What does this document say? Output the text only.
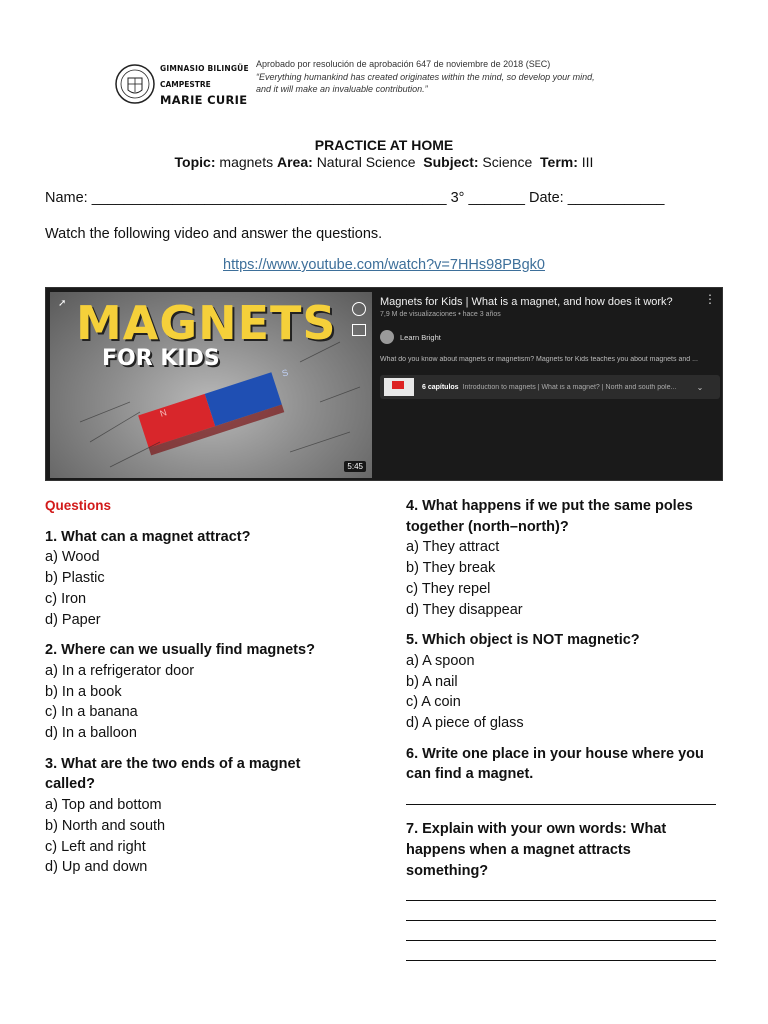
GIMNASIO BILINGÜE
CAMPESTRE
MARIE CURIE
Aprobado por resolución de aprobación 647 de noviembre de 2018 (SEC)
“Everything humankind has created originates within the mind, so develop your mind,
and it will make an invaluable contribution.”
PRACTICE AT HOME
Topic: magnets Area: Natural Science Subject: Science Term: III
Name: ____________________________________________ 3° _______ Date: ____________
Watch the following video and answer the questions.
https://www.youtube.com/watch?v=7HHs98PBgk0
MAGNETS
FOR KIDS
N
S
➚
5:45
Magnets for Kids | What is a magnet, and how does it work?
7,9 M de visualizaciones • hace 3 años
Learn Bright
What do you know about magnets or magnetism? Magnets for Kids teaches you about magnets and ...
6 capítulos Introduction to magnets | What is a magnet? | North and south pole...	⌄
⋮
Questions
1. What can a magnet attract?
a) Wood
b) Plastic
c) Iron
d) Paper
2. Where can we usually find magnets?
a) In a refrigerator door
b) In a book
c) In a banana
d) In a balloon
3. What are the two ends of a magnet
called?
a) Top and bottom
b) North and south
c) Left and right
d) Up and down
4. What happens if we put the same poles
together (north–north)?
a) They attract
b) They break
c) They repel
d) They disappear
5. Which object is NOT magnetic?
a) A spoon
b) A nail
c) A coin
d) A piece of glass
6. Write one place in your house where you
can find a magnet.
7. Explain with your own words: What
happens when a magnet attracts
something?
